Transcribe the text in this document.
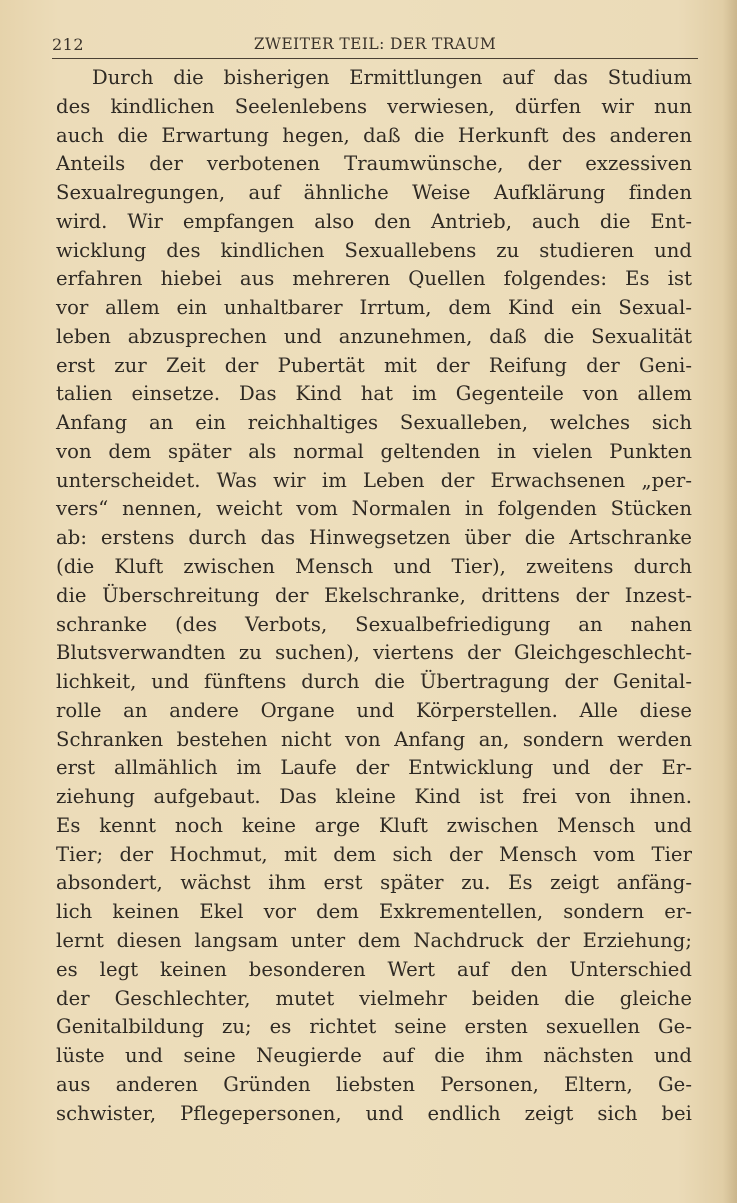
212	ZWEITER TEIL: DER TRAUM
Durch die bisherigen Ermittlungen auf das Studium
des kindlichen Seelenlebens verwiesen, dürfen wir nun
auch die Erwartung hegen, daß die Herkunft des anderen
Anteils der verbotenen Traumwünsche, der exzessiven
Sexualregungen, auf ähnliche Weise Aufklärung finden
wird. Wir empfangen also den Antrieb, auch die Ent-
wicklung des kindlichen Sexuallebens zu studieren und
erfahren hiebei aus mehreren Quellen folgendes: Es ist
vor allem ein unhaltbarer Irrtum, dem Kind ein Sexual-
leben abzusprechen und anzunehmen, daß die Sexualität
erst zur Zeit der Pubertät mit der Reifung der Geni-
talien einsetze. Das Kind hat im Gegenteile von allem
Anfang an ein reichhaltiges Sexualleben, welches sich
von dem später als normal geltenden in vielen Punkten
unterscheidet. Was wir im Leben der Erwachsenen „per-
vers“ nennen, weicht vom Normalen in folgenden Stücken
ab: erstens durch das Hinwegsetzen über die Artschranke
(die Kluft zwischen Mensch und Tier), zweitens durch
die Überschreitung der Ekelschranke, drittens der Inzest-
schranke (des Verbots, Sexualbefriedigung an nahen
Blutsverwandten zu suchen), viertens der Gleichgeschlecht-
lichkeit, und fünftens durch die Übertragung der Genital-
rolle an andere Organe und Körperstellen. Alle diese
Schranken bestehen nicht von Anfang an, sondern werden
erst allmählich im Laufe der Entwicklung und der Er-
ziehung aufgebaut. Das kleine Kind ist frei von ihnen.
Es kennt noch keine arge Kluft zwischen Mensch und
Tier; der Hochmut, mit dem sich der Mensch vom Tier
absondert, wächst ihm erst später zu. Es zeigt anfäng-
lich keinen Ekel vor dem Exkrementellen, sondern er-
lernt diesen langsam unter dem Nachdruck der Erziehung;
es legt keinen besonderen Wert auf den Unterschied
der Geschlechter, mutet vielmehr beiden die gleiche
Genitalbildung zu; es richtet seine ersten sexuellen Ge-
lüste und seine Neugierde auf die ihm nächsten und
aus anderen Gründen liebsten Personen, Eltern, Ge-
schwister, Pflegepersonen, und endlich zeigt sich bei
